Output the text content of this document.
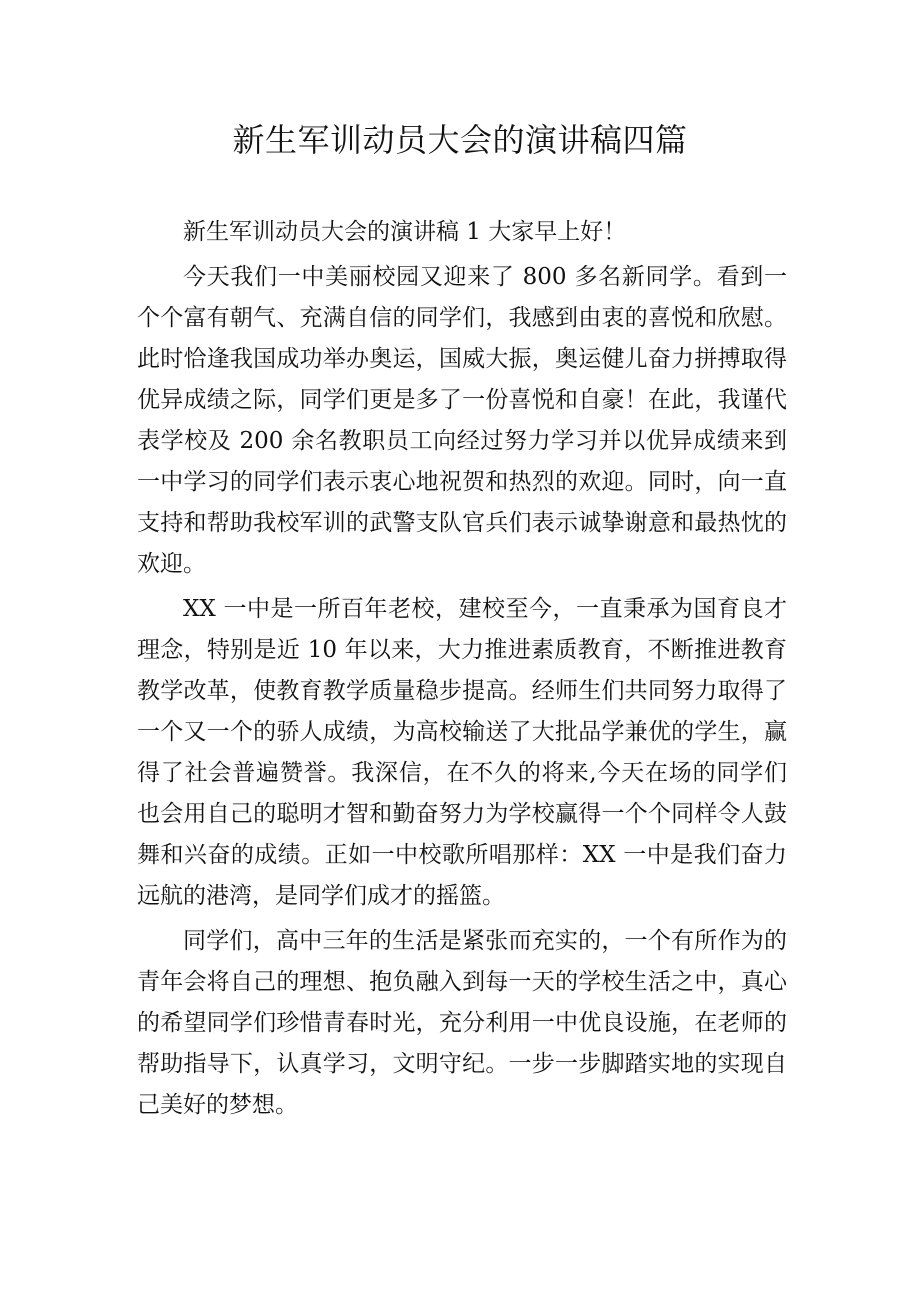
新生军训动员大会的演讲稿四篇

新生军训动员大会的演讲稿 1 大家早上好！

今天我们一中美丽校园又迎来了 800 多名新同学。看到一个个富有朝气、充满自信的同学们，我感到由衷的喜悦和欣慰。此时恰逢我国成功举办奥运，国威大振，奥运健儿奋力拼搏取得优异成绩之际，同学们更是多了一份喜悦和自豪！在此，我谨代表学校及 200 余名教职员工向经过努力学习并以优异成绩来到一中学习的同学们表示衷心地祝贺和热烈的欢迎。同时，向一直支持和帮助我校军训的武警支队官兵们表示诚挚谢意和最热忱的欢迎。

XX 一中是一所百年老校，建校至今，一直秉承为国育良才理念，特别是近 10 年以来，大力推进素质教育，不断推进教育教学改革，使教育教学质量稳步提高。经师生们共同努力取得了一个又一个的骄人成绩，为高校输送了大批品学兼优的学生，赢得了社会普遍赞誉。我深信，在不久的将来,今天在场的同学们也会用自己的聪明才智和勤奋努力为学校赢得一个个同样令人鼓舞和兴奋的成绩。正如一中校歌所唱那样：XX 一中是我们奋力远航的港湾，是同学们成才的摇篮。

同学们，高中三年的生活是紧张而充实的，一个有所作为的青年会将自己的理想、抱负融入到每一天的学校生活之中，真心的希望同学们珍惜青春时光，充分利用一中优良设施，在老师的帮助指导下，认真学习，文明守纪。一步一步脚踏实地的实现自己美好的梦想。
